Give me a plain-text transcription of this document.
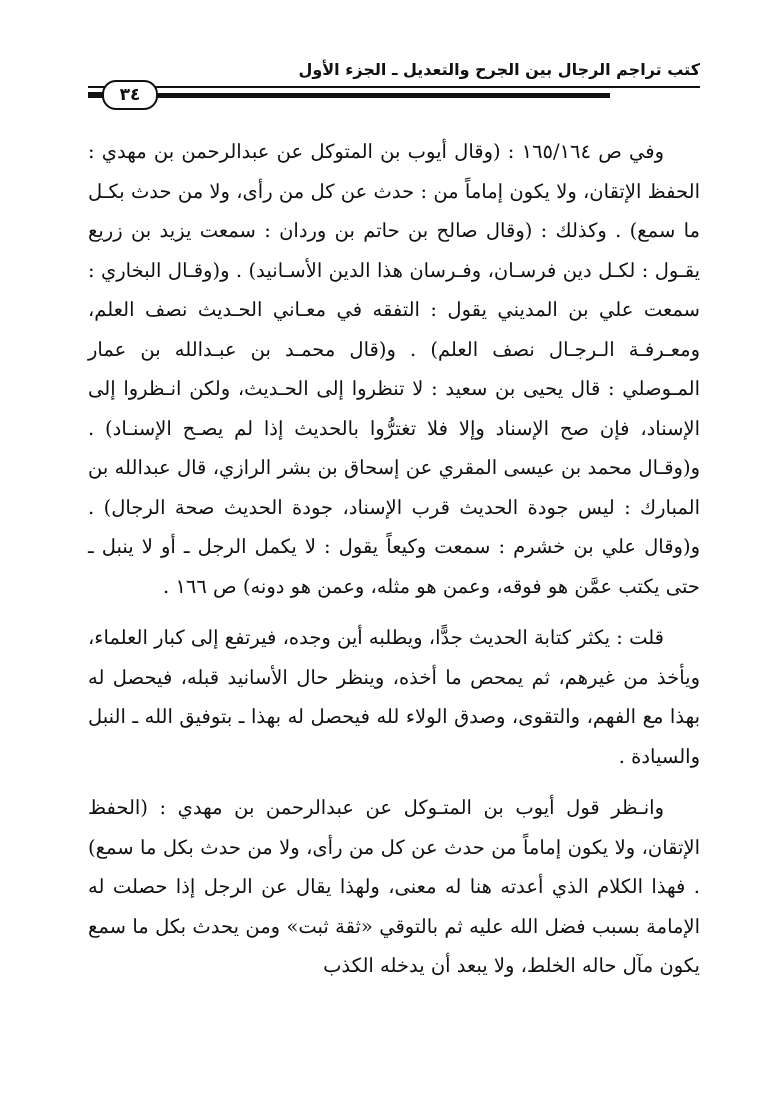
كتب تراجم الرجال بين الجرح والتعديل ـ الجزء الأول
٣٤

وفي ص ١٦٥/١٦٤ : (وقال أيوب بن المتوكل عن عبدالرحمن بن مهدي : الحفظ الإتقان، ولا يكون إماماً من : حدث عن كل من رأى، ولا من حدث بكـل ما سمع) . وكذلك : (وقال صالح بن حاتم بن وردان : سمعت يزيد بن زريع يقـول : لكـل دين فرسـان، وفـرسان هذا الدين الأسـانيد) . و(وقـال البخاري : سمعت علي بن المديني يقول : التفقه في معـاني الحـديث نصف العلم، ومعـرفـة الـرجـال نصف العلم) . و(قال محمـد بن عبـدالله بن عمار المـوصلي : قال يحيى بن سعيد : لا تنظروا إلى الحـديث، ولكن انـظروا إلى الإسناد، فإن صح الإسناد وإلا فلا تغترُّوا بالحديث إذا لم يصـح الإسنـاد) . و(وقـال محمد بن عيسى المقري عن إسحاق بن بشر الرازي، قال عبدالله بن المبارك : ليس جودة الحديث قرب الإسناد، جودة الحديث صحة الرجال) . و(وقال علي بن خشرم : سمعت وكيعاً يقول : لا يكمل الرجل ـ أو لا ينبل ـ حتى يكتب عمَّن هو فوقه، وعمن هو مثله، وعمن هو دونه) ص ١٦٦ .

قلت : يكثر كتابة الحديث جدًّا، ويطلبه أين وجده، فيرتفع إلى كبار العلماء، ويأخذ من غيرهم، ثم يمحص ما أخذه، وينظر حال الأسانيد قبله، فيحصل له بهذا مع الفهم، والتقوى، وصدق الولاء لله فيحصل له بهذا ـ بتوفيق الله ـ النبل والسيادة .

وانـظر قول أيوب بن المتـوكل عن عبدالرحمن بن مهدي : (الحفظ الإتقان، ولا يكون إماماً من حدث عن كل من رأى، ولا من حدث بكل ما سمع) . فهذا الكلام الذي أعدته هنا له معنى، ولهذا يقال عن الرجل إذا حصلت له الإمامة بسبب فضل الله عليه ثم بالتوقي «ثقة ثبت» ومن يحدث بكل ما سمع يكون مآل حاله الخلط، ولا يبعد أن يدخله الكذب
